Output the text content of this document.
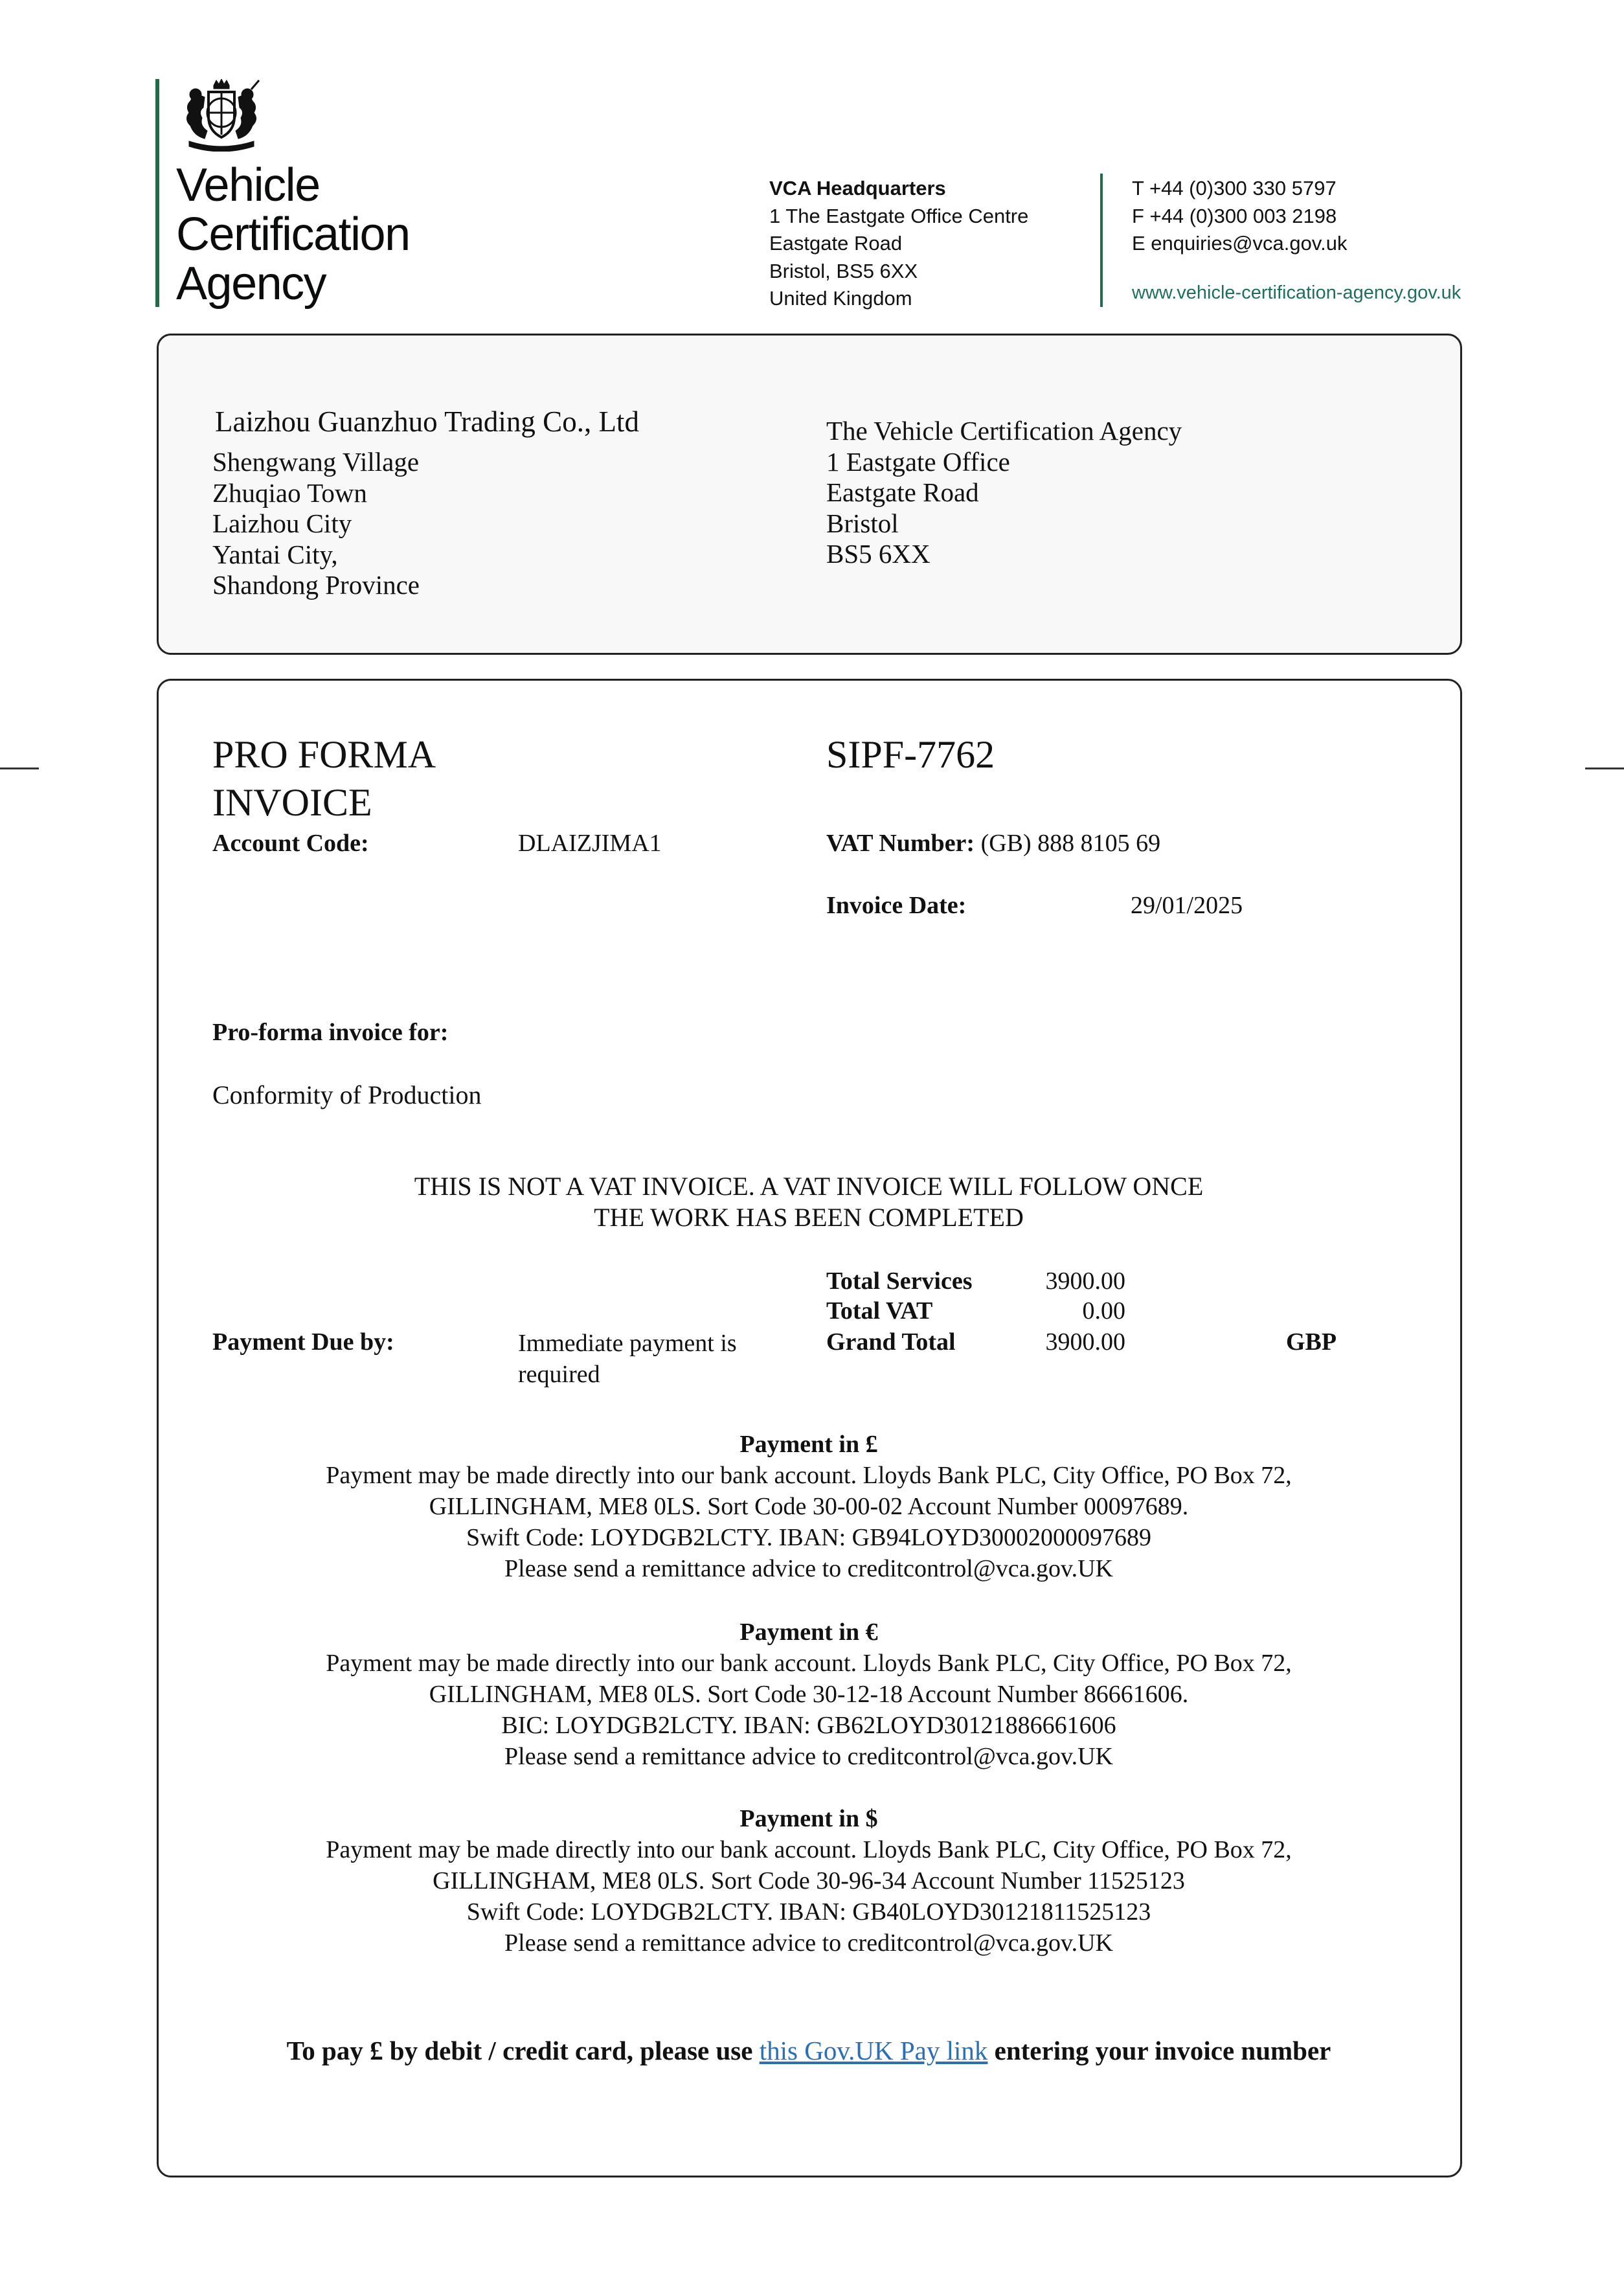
Vehicle
Certification
Agency
VCA Headquarters
1 The Eastgate Office Centre
Eastgate Road
Bristol, BS5 6XX
United Kingdom
T +44 (0)300 330 5797
F +44 (0)300 003 2198
E enquiries@vca.gov.uk
www.vehicle-certification-agency.gov.uk
Laizhou Guanzhuo Trading Co., Ltd
Shengwang Village
Zhuqiao Town
Laizhou City
Yantai City,
Shandong Province
The Vehicle Certification Agency
1 Eastgate Office
Eastgate Road
Bristol
BS5 6XX
PRO FORMA
INVOICE
SIPF-7762
Account Code:	DLAIZJIMA1	VAT Number: (GB) 888 8105 69
Invoice Date:	29/01/2025
Pro-forma invoice for:
Conformity of Production
THIS IS NOT A VAT INVOICE. A VAT INVOICE WILL FOLLOW ONCE
THE WORK HAS BEEN COMPLETED
Total Services	3900.00
Total VAT	0.00
Grand Total	3900.00	GBP
Payment Due by:	Immediate payment is
required
Payment in £
Payment may be made directly into our bank account. Lloyds Bank PLC, City Office, PO Box 72,
GILLINGHAM, ME8 0LS. Sort Code 30-00-02 Account Number 00097689.
Swift Code: LOYDGB2LCTY. IBAN: GB94LOYD30002000097689
Please send a remittance advice to creditcontrol@vca.gov.UK
Payment in €
Payment may be made directly into our bank account. Lloyds Bank PLC, City Office, PO Box 72,
GILLINGHAM, ME8 0LS. Sort Code 30-12-18 Account Number 86661606.
BIC: LOYDGB2LCTY. IBAN: GB62LOYD30121886661606
Please send a remittance advice to creditcontrol@vca.gov.UK
Payment in $
Payment may be made directly into our bank account. Lloyds Bank PLC, City Office, PO Box 72,
GILLINGHAM, ME8 0LS. Sort Code 30-96-34 Account Number 11525123
Swift Code: LOYDGB2LCTY. IBAN: GB40LOYD30121811525123
Please send a remittance advice to creditcontrol@vca.gov.UK
To pay £ by debit / credit card, please use this Gov.UK Pay link entering your invoice number
